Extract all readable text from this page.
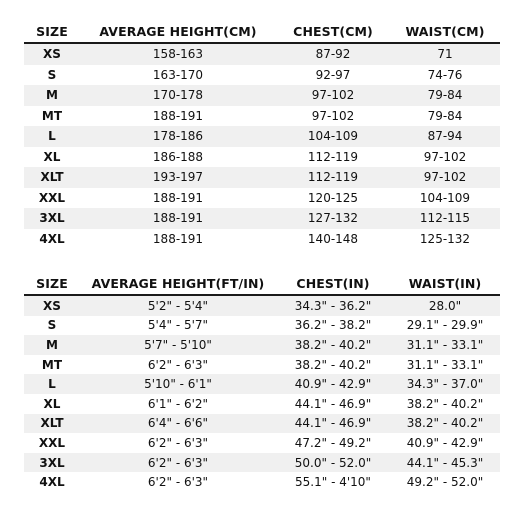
SIZE	AVERAGE HEIGHT(CM)	CHEST(CM)	WAIST(CM)
XS	158-163	87-92	71
S	163-170	92-97	74-76
M	170-178	97-102	79-84
MT	188-191	97-102	79-84
L	178-186	104-109	87-94
XL	186-188	112-119	97-102
XLT	193-197	112-119	97-102
XXL	188-191	120-125	104-109
3XL	188-191	127-132	112-115
4XL	188-191	140-148	125-132
SIZE	AVERAGE HEIGHT(FT/IN)	CHEST(IN)	WAIST(IN)
XS	5'2" - 5'4"	34.3" - 36.2"	28.0"
S	5'4" - 5'7"	36.2" - 38.2"	29.1" - 29.9"
M	5'7" - 5'10"	38.2" - 40.2"	31.1" - 33.1"
MT	6'2" - 6'3"	38.2" - 40.2"	31.1" - 33.1"
L	5'10" - 6'1"	40.9" - 42.9"	34.3" - 37.0"
XL	6'1" - 6'2"	44.1" - 46.9"	38.2" - 40.2"
XLT	6'4" - 6'6"	44.1" - 46.9"	38.2" - 40.2"
XXL	6'2" - 6'3"	47.2" - 49.2"	40.9" - 42.9"
3XL	6'2" - 6'3"	50.0" - 52.0"	44.1" - 45.3"
4XL	6'2" - 6'3"	55.1" - 4'10"	49.2" - 52.0"
